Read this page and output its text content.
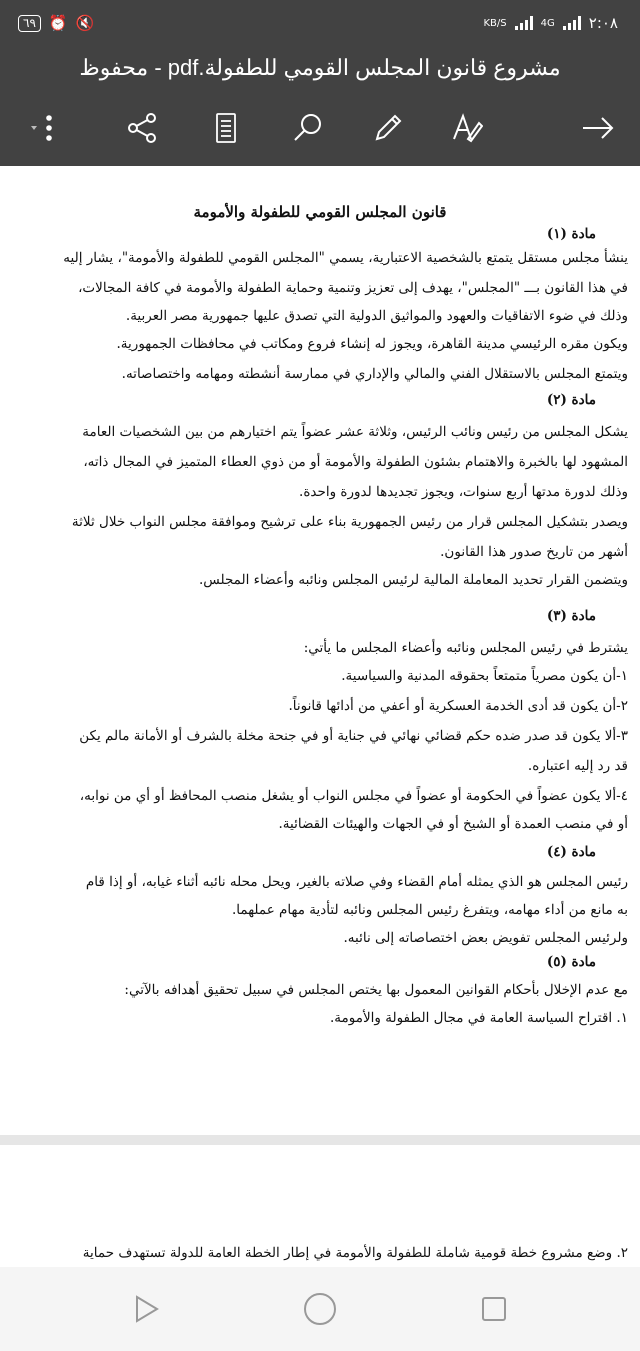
٦٩ ⏰ 🔇	KB/S	4G ٢:٠٨
مشروع قانون المجلس القومي للطفولة.pdf - محفوظ
قانون المجلس القومي للطفولة والأمومة
مادة (١)
ينشأ مجلس مستقل يتمتع بالشخصية الاعتبارية، يسمي "المجلس القومي للطفولة والأمومة"، يشار إليه
في هذا القانون بـــ "المجلس"، يهدف إلى تعزيز وتنمية وحماية الطفولة والأمومة في كافة المجالات،
وذلك في ضوء الاتفاقيات والعهود والمواثيق الدولية التي تصدق عليها جمهورية مصر العربية.
ويكون مقره الرئيسي مدينة القاهرة، ويجوز له إنشاء فروع ومكاتب في محافظات الجمهورية.
ويتمتع المجلس بالاستقلال الفني والمالي والإداري في ممارسة أنشطته ومهامه واختصاصاته.
مادة (٢)
يشكل المجلس من رئيس ونائب الرئيس، وثلاثة عشر عضواً يتم اختيارهم من بين الشخصيات العامة
المشهود لها بالخبرة والاهتمام بشئون الطفولة والأمومة أو من ذوي العطاء المتميز في المجال ذاته،
وذلك لدورة مدتها أربع سنوات، ويجوز تجديدها لدورة واحدة.
ويصدر بتشكيل المجلس قرار من رئيس الجمهورية بناء على ترشيح وموافقة مجلس النواب خلال ثلاثة
أشهر من تاريخ صدور هذا القانون.
ويتضمن القرار تحديد المعاملة المالية لرئيس المجلس ونائبه وأعضاء المجلس.
مادة (٣)
يشترط في رئيس المجلس ونائبه وأعضاء المجلس ما يأتي:
١-أن يكون مصرياً متمتعاً بحقوقه المدنية والسياسية.
٢-أن يكون قد أدى الخدمة العسكرية أو أعفي من أدائها قانوناً.
٣-ألا يكون قد صدر ضده حكم قضائي نهائي في جناية أو في جنحة مخلة بالشرف أو الأمانة مالم يكن
قد رد إليه اعتباره.
٤-ألا يكون عضواً في الحكومة أو عضواً في مجلس النواب أو يشغل منصب المحافظ أو أي من نوابه،
أو في منصب العمدة أو الشيخ أو في الجهات والهيئات القضائية.
مادة (٤)
رئيس المجلس هو الذي يمثله أمام القضاء وفي صلاته بالغير، ويحل محله نائبه أثناء غيابه، أو إذا قام
به مانع من أداء مهامه، ويتفرغ رئيس المجلس ونائبه لتأدية مهام عملهما.
ولرئيس المجلس تفويض بعض اختصاصاته إلى نائبه.
مادة (٥)
مع عدم الإخلال بأحكام القوانين المعمول بها يختص المجلس في سبيل تحقيق أهدافه بالآتي:
١. اقتراح السياسة العامة في مجال الطفولة والأمومة.
٢. وضع مشروع خطة قومية شاملة للطفولة والأمومة في إطار الخطة العامة للدولة تستهدف حماية
